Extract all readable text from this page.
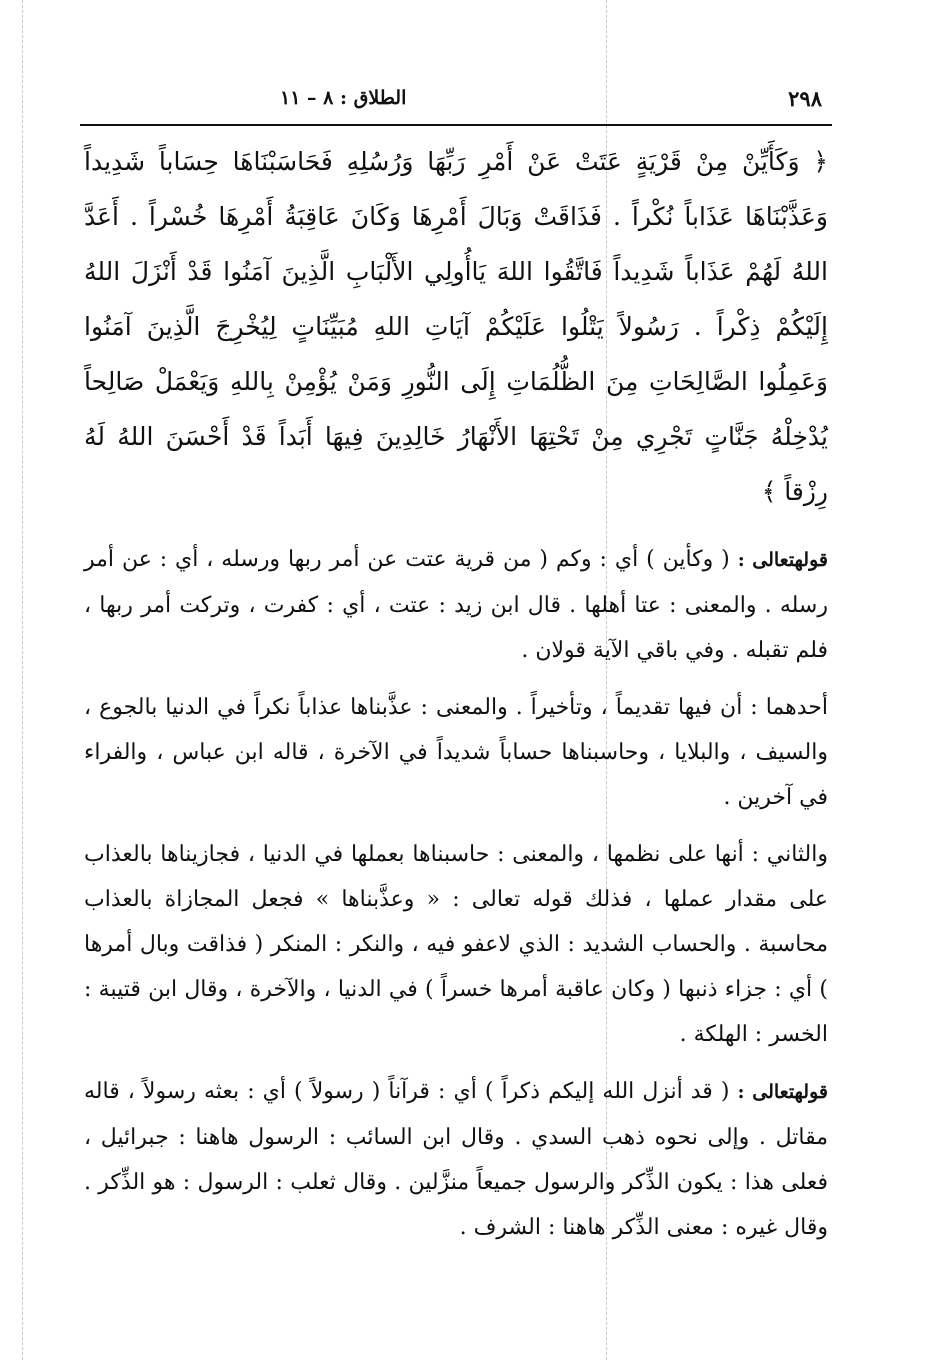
٢٩٨
الطلاق : ٨ – ١١
﴿ وَكَأَيِّنْ مِنْ قَرْيَةٍ عَتَتْ عَنْ أَمْرِ رَبِّهَا وَرُسُلِهِ فَحَاسَبْنَاهَا حِسَاباً شَدِيداً وَعَذَّبْنَاهَا عَذَاباً نُكْراً . فَذَاقَتْ وَبَالَ أَمْرِهَا وَكَانَ عَاقِبَةُ أَمْرِهَا خُسْراً . أَعَدَّ اللهُ لَهُمْ عَذَاباً شَدِيداً فَاتَّقُوا اللهَ يَاأُولِي الأَلْبَابِ الَّذِينَ آمَنُوا قَدْ أَنْزَلَ اللهُ إِلَيْكُمْ ذِكْراً . رَسُولاً يَتْلُوا عَلَيْكُمْ آيَاتِ اللهِ مُبَيِّنَاتٍ لِيُخْرِجَ الَّذِينَ آمَنُوا وَعَمِلُوا الصَّالِحَاتِ مِنَ الظُّلُمَاتِ إِلَى النُّورِ وَمَنْ يُؤْمِنْ بِاللهِ وَيَعْمَلْ صَالِحاً يُدْخِلْهُ جَنَّاتٍ تَجْرِي مِنْ تَحْتِهَا الأَنْهَارُ خَالِدِينَ فِيهَا أَبَداً قَدْ أَحْسَنَ اللهُ لَهُ رِزْقاً ﴾
قولهتعالى : ( وكأين ) أي : وكم ( من قرية عتت عن أمر ربها ورسله ، أي : عن أمر رسله . والمعنى : عتا أهلها . قال ابن زيد : عتت ، أي : كفرت ، وتركت أمر ربها ، فلم تقبله . وفي باقي الآية قولان .
أحدهما : أن فيها تقديماً ، وتأخيراً . والمعنى : عذَّبناها عذاباً نكراً في الدنيا بالجوع ، والسيف ، والبلايا ، وحاسبناها حساباً شديداً في الآخرة ، قاله ابن عباس ، والفراء في آخرين .
والثاني : أنها على نظمها ، والمعنى : حاسبناها بعملها في الدنيا ، فجازيناها بالعذاب على مقدار عملها ، فذلك قوله تعالى : « وعذَّبناها » فجعل المجازاة بالعذاب محاسبة . والحساب الشديد : الذي لاعفو فيه ، والنكر : المنكر ( فذاقت وبال أمرها ) أي : جزاء ذنبها ( وكان عاقبة أمرها خسراً ) في الدنيا ، والآخرة ، وقال ابن قتيبة : الخسر : الهلكة .
قولهتعالى : ( قد أنزل الله إليكم ذكراً ) أي : قرآناً ( رسولاً ) أي : بعثه رسولاً ، قاله مقاتل . وإلى نحوه ذهب السدي . وقال ابن السائب : الرسول هاهنا : جبرائيل ، فعلى هذا : يكون الذِّكر والرسول جميعاً منزَّلين . وقال ثعلب : الرسول : هو الذِّكر . وقال غيره : معنى الذِّكر هاهنا : الشرف .
